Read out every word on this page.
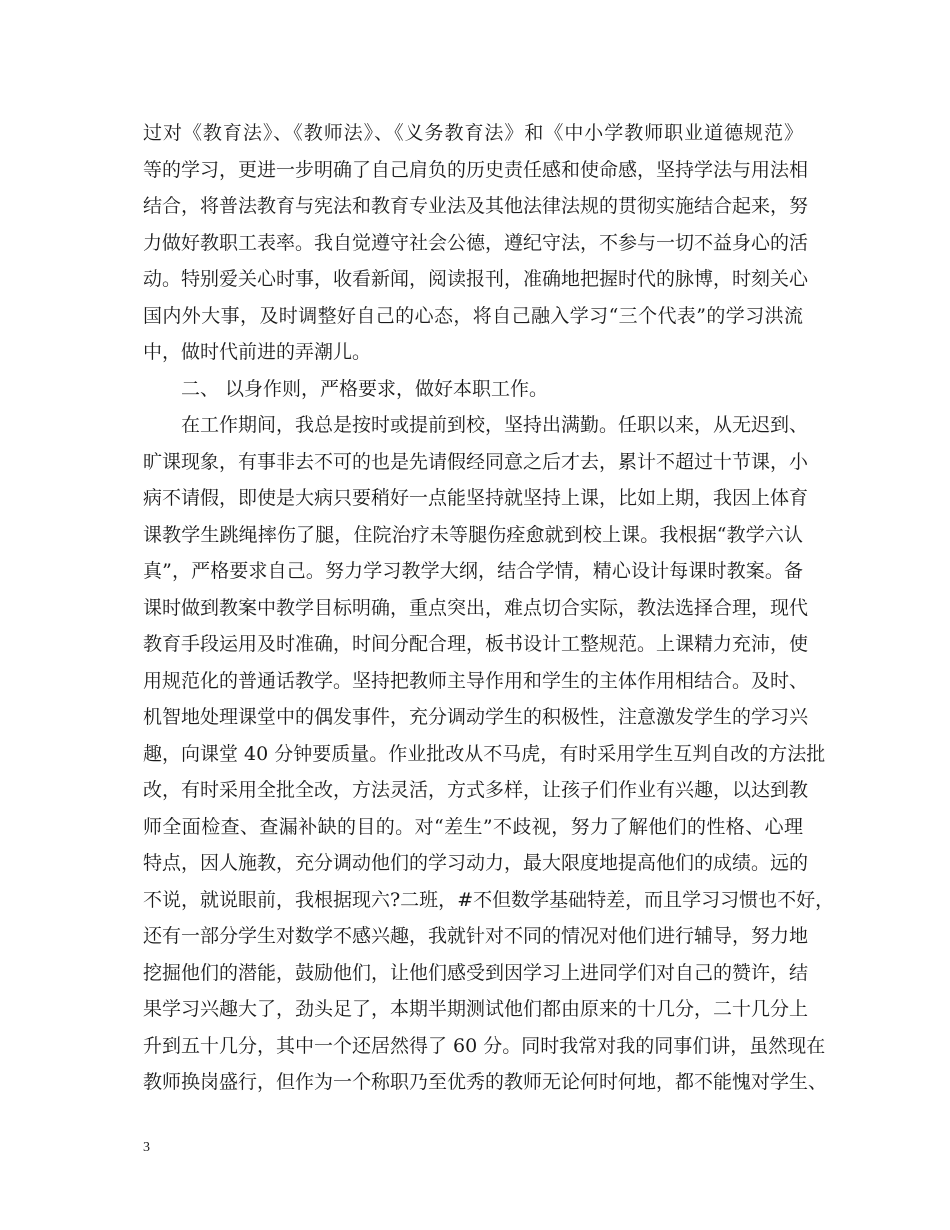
过对《教育法》、《教师法》、《义务教育法》和《中小学教师职业道德规范》
等的学习，更进一步明确了自己肩负的历史责任感和使命感，坚持学法与用法相
结合，将普法教育与宪法和教育专业法及其他法律法规的贯彻实施结合起来，努
力做好教职工表率。我自觉遵守社会公德，遵纪守法，不参与一切不益身心的活
动。特别爱关心时事，收看新闻，阅读报刊，准确地把握时代的脉博，时刻关心
国内外大事，及时调整好自己的心态，将自己融入学习“三个代表”的学习洪流
中，做时代前进的弄潮儿。
二、 以身作则，严格要求，做好本职工作。
在工作期间，我总是按时或提前到校，坚持出满勤。任职以来，从无迟到、
旷课现象，有事非去不可的也是先请假经同意之后才去，累计不超过十节课，小
病不请假，即使是大病只要稍好一点能坚持就坚持上课，比如上期，我因上体育
课教学生跳绳摔伤了腿，住院治疗未等腿伤痊愈就到校上课。我根据“教学六认
真”，严格要求自己。努力学习教学大纲，结合学情，精心设计每课时教案。备
课时做到教案中教学目标明确，重点突出，难点切合实际，教法选择合理，现代
教育手段运用及时准确，时间分配合理，板书设计工整规范。上课精力充沛，使
用规范化的普通话教学。坚持把教师主导作用和学生的主体作用相结合。及时、
机智地处理课堂中的偶发事件，充分调动学生的积极性，注意激发学生的学习兴
趣，向课堂 40 分钟要质量。作业批改从不马虎，有时采用学生互判自改的方法批
改，有时采用全批全改，方法灵活，方式多样，让孩子们作业有兴趣，以达到教
师全面检查、查漏补缺的目的。对“差生”不歧视，努力了解他们的性格、心理
特点，因人施教，充分调动他们的学习动力，最大限度地提高他们的成绩。远的
不说，就说眼前，我根据现六?二班，#不但数学基础特差，而且学习习惯也不好，
还有一部分学生对数学不感兴趣，我就针对不同的情况对他们进行辅导，努力地
挖掘他们的潜能，鼓励他们，让他们感受到因学习上进同学们对自己的赞许，结
果学习兴趣大了，劲头足了，本期半期测试他们都由原来的十几分，二十几分上
升到五十几分，其中一个还居然得了 60 分。同时我常对我的同事们讲，虽然现在
教师换岗盛行，但作为一个称职乃至优秀的教师无论何时何地，都不能愧对学生、
3
